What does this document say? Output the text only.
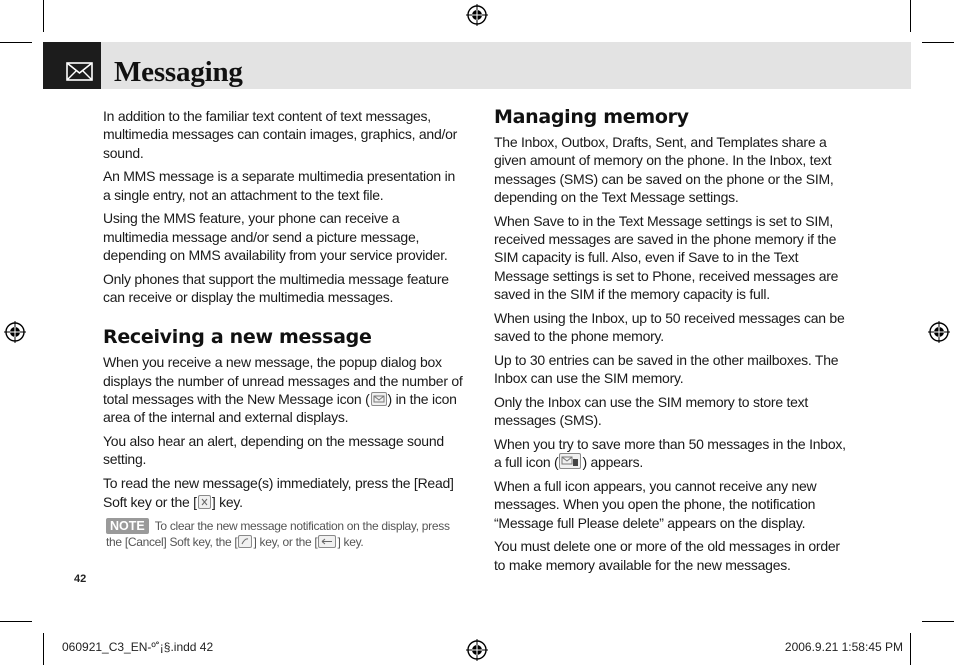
Messaging

In addition to the familiar text content of text messages, multimedia messages can contain images, graphics, and/or sound.

An MMS message is a separate multimedia presentation in a single entry, not an attachment to the text file.

Using the MMS feature, your phone can receive a multimedia message and/or send a picture message, depending on MMS availability from your service provider.

Only phones that support the multimedia message feature can receive or display the multimedia messages.

Receiving a new message

When you receive a new message, the popup dialog box displays the number of unread messages and the number of total messages with the New Message icon ( ) in the icon area of the internal and external displays.

You also hear an alert, depending on the message sound setting.

To read the new message(s) immediately, press the [Read] Soft key or the [ ] key.

NOTE To clear the new message notification on the display, press the [Cancel] Soft key, the [ ] key, or the [ ] key.
Managing memory

The Inbox, Outbox, Drafts, Sent, and Templates share a given amount of memory on the phone. In the Inbox, text messages (SMS) can be saved on the phone or the SIM, depending on the Text Message settings.

When Save to in the Text Message settings is set to SIM, received messages are saved in the phone memory if the SIM capacity is full. Also, even if Save to in the Text Message settings is set to Phone, received messages are saved in the SIM if the memory capacity is full.

When using the Inbox, up to 50 received messages can be saved to the phone memory.

Up to 30 entries can be saved in the other mailboxes. The Inbox can use the SIM memory.

Only the Inbox can use the SIM memory to store text messages (SMS).

When you try to save more than 50 messages in the Inbox, a full icon ( ) appears.

When a full icon appears, you cannot receive any new messages. When you open the phone, the notification “Message full Please delete” appears on the display.

You must delete one or more of the old messages in order to make memory available for the new messages.

42
060921_C3_EN-º˚¡§.indd 42	2006.9.21 1:58:45 PM
